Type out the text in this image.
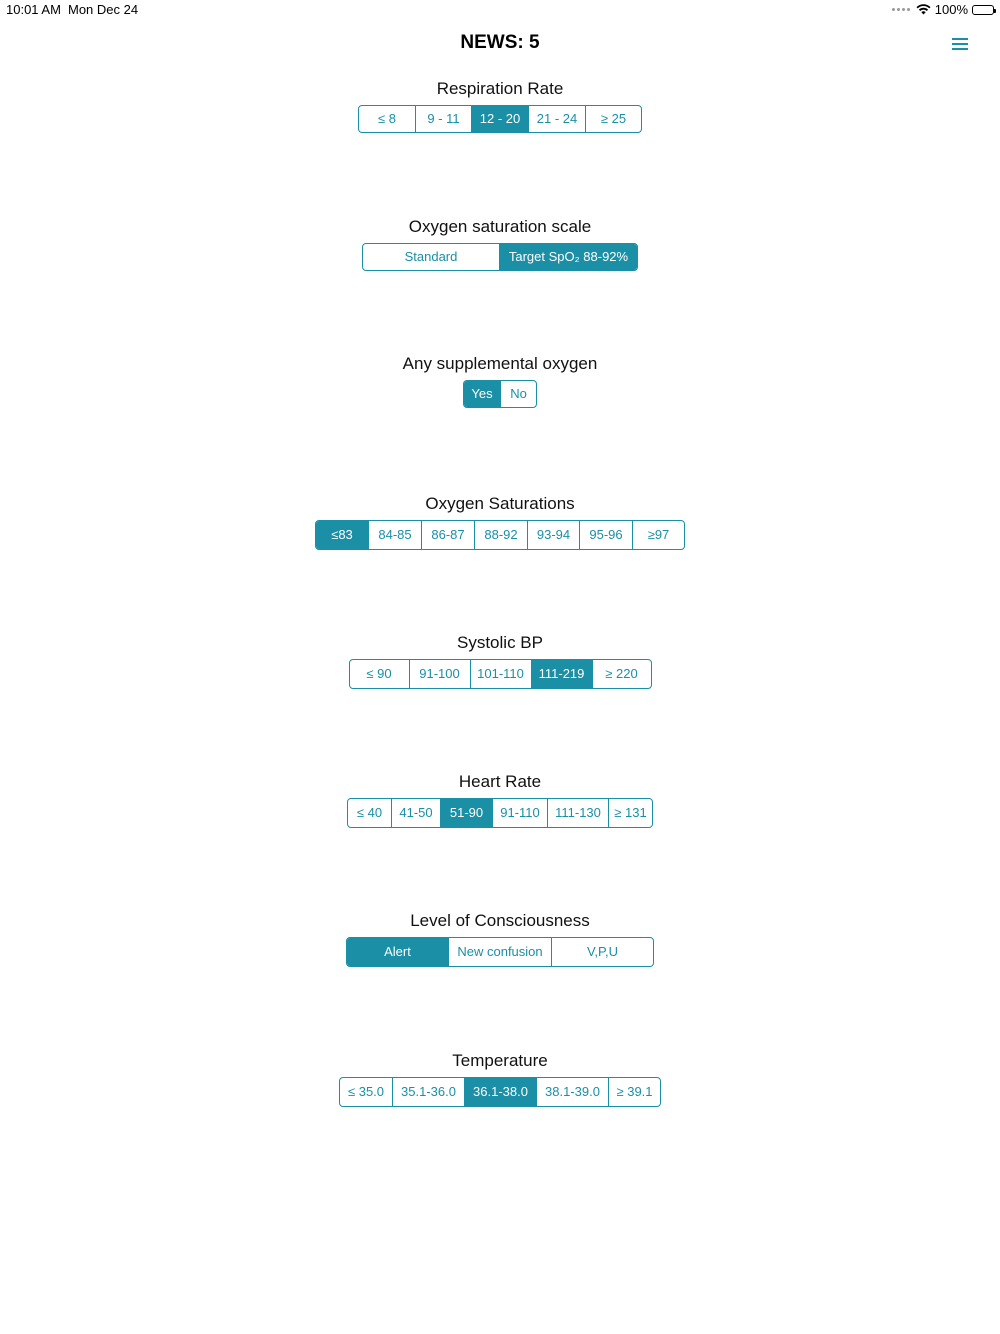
10:01 AM Mon Dec 24	100%
NEWS: 5
Respiration Rate
≤ 8	9 - 11	12 - 20	21 - 24	≥ 25
Oxygen saturation scale
Standard	Target SpO₂ 88-92%
Any supplemental oxygen
Yes	No
Oxygen Saturations
≤83	84-85	86-87	88-92	93-94	95-96	≥97
Systolic BP
≤ 90	91-100	101-110	111-219	≥ 220
Heart Rate
≤ 40	41-50	51-90	91-110	111-130	≥ 131
Level of Consciousness
Alert	New confusion	V,P,U
Temperature
≤ 35.0	35.1-36.0	36.1-38.0	38.1-39.0	≥ 39.1
